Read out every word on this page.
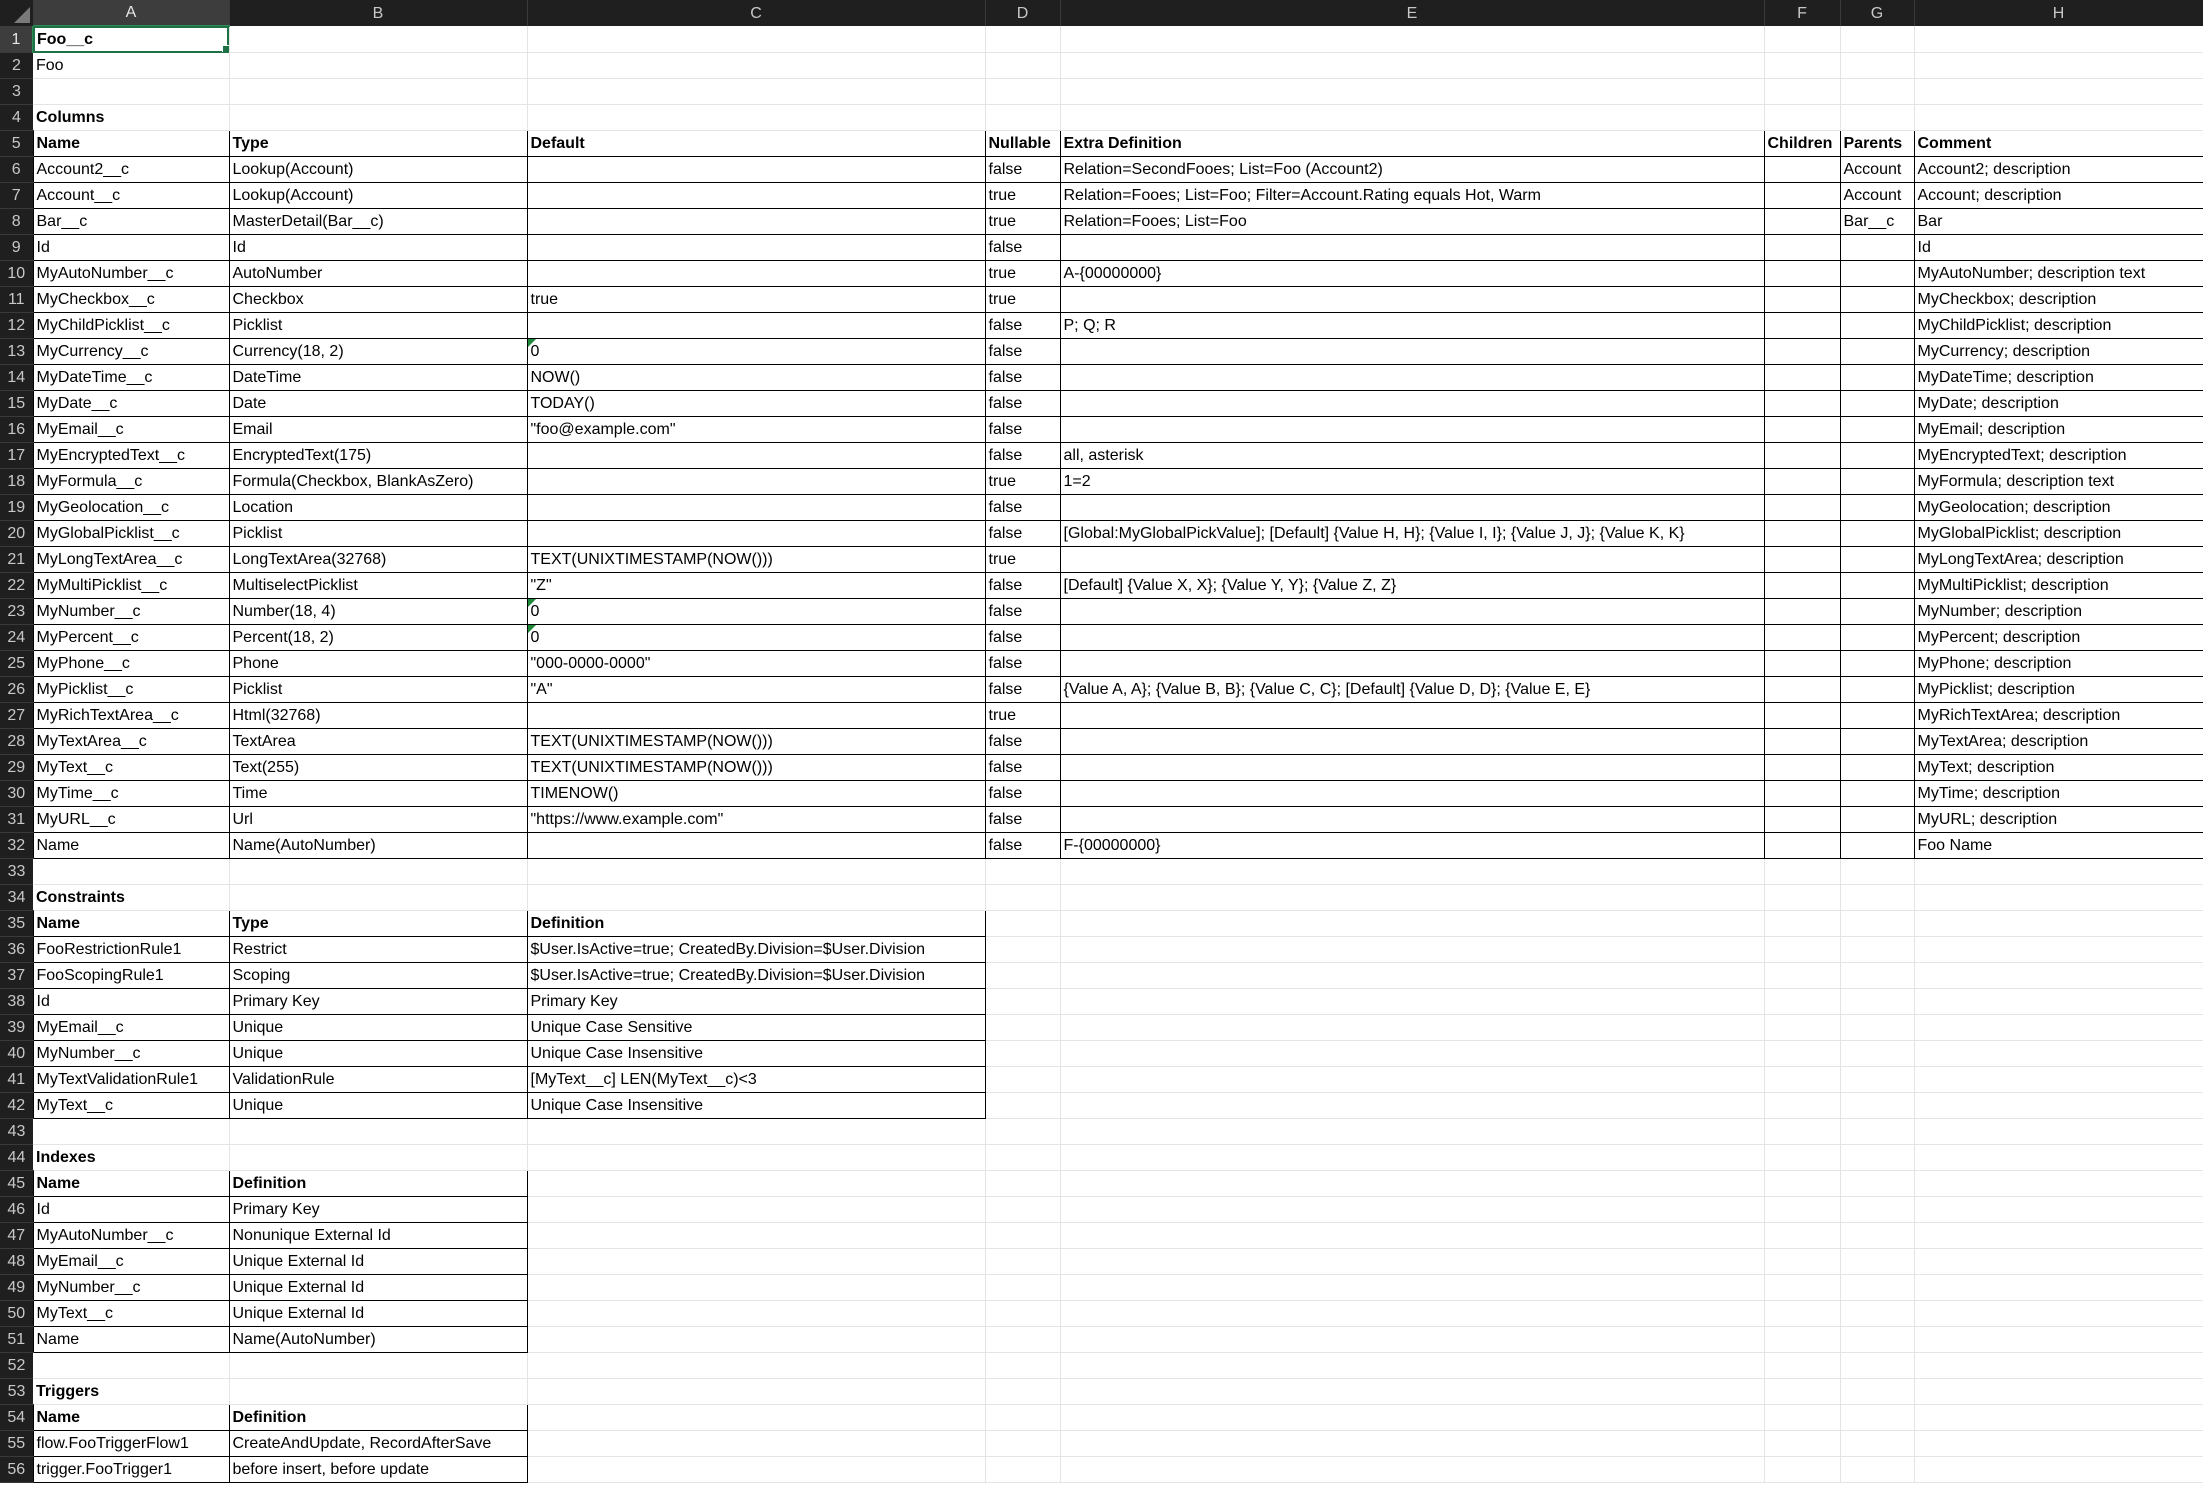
	A	B	C	D	E	F	G	H
1	Foo__c

2	Foo							
3								
4	Columns							
5	Name	Type	Default	Nullable	Extra Definition	Children	Parents	Comment
6	Account2__c	Lookup(Account)		false	Relation=SecondFooes; List=Foo (Account2)		Account	Account2; description
7	Account__c	Lookup(Account)		true	Relation=Fooes; List=Foo; Filter=Account.Rating equals Hot, Warm		Account	Account; description
8	Bar__c	MasterDetail(Bar__c)		true	Relation=Fooes; List=Foo		Bar__c	Bar
9	Id	Id		false				Id
10	MyAutoNumber__c	AutoNumber		true	A-{00000000}			MyAutoNumber; description text
11	MyCheckbox__c	Checkbox	true	true				MyCheckbox; description
12	MyChildPicklist__c	Picklist		false	P; Q; R			MyChildPicklist; description
13	MyCurrency__c	Currency(18, 2)	0	false				MyCurrency; description
14	MyDateTime__c	DateTime	NOW()	false				MyDateTime; description
15	MyDate__c	Date	TODAY()	false				MyDate; description
16	MyEmail__c	Email	"foo@example.com"	false				MyEmail; description
17	MyEncryptedText__c	EncryptedText(175)		false	all, asterisk			MyEncryptedText; description
18	MyFormula__c	Formula(Checkbox, BlankAsZero)		true	1=2			MyFormula; description text
19	MyGeolocation__c	Location		false				MyGeolocation; description
20	MyGlobalPicklist__c	Picklist		false	[Global:MyGlobalPickValue]; [Default] {Value H, H}; {Value I, I}; {Value J, J}; {Value K, K}			MyGlobalPicklist; description
21	MyLongTextArea__c	LongTextArea(32768)	TEXT(UNIXTIMESTAMP(NOW()))	true				MyLongTextArea; description
22	MyMultiPicklist__c	MultiselectPicklist	"Z"	false	[Default] {Value X, X}; {Value Y, Y}; {Value Z, Z}			MyMultiPicklist; description
23	MyNumber__c	Number(18, 4)	0	false				MyNumber; description
24	MyPercent__c	Percent(18, 2)	0	false				MyPercent; description
25	MyPhone__c	Phone	"000-0000-0000"	false				MyPhone; description
26	MyPicklist__c	Picklist	"A"	false	{Value A, A}; {Value B, B}; {Value C, C}; [Default] {Value D, D}; {Value E, E}			MyPicklist; description
27	MyRichTextArea__c	Html(32768)		true				MyRichTextArea; description
28	MyTextArea__c	TextArea	TEXT(UNIXTIMESTAMP(NOW()))	false				MyTextArea; description
29	MyText__c	Text(255)	TEXT(UNIXTIMESTAMP(NOW()))	false				MyText; description
30	MyTime__c	Time	TIMENOW()	false				MyTime; description
31	MyURL__c	Url	"https://www.example.com"	false				MyURL; description
32	Name	Name(AutoNumber)		false	F-{00000000}			Foo Name
33								
34	Constraints							
35	Name	Type	Definition					
36	FooRestrictionRule1	Restrict	$User.IsActive=true; CreatedBy.Division=$User.Division					
37	FooScopingRule1	Scoping	$User.IsActive=true; CreatedBy.Division=$User.Division					
38	Id	Primary Key	Primary Key					
39	MyEmail__c	Unique	Unique Case Sensitive					
40	MyNumber__c	Unique	Unique Case Insensitive					
41	MyTextValidationRule1	ValidationRule	[MyText__c] LEN(MyText__c)<3					
42	MyText__c	Unique	Unique Case Insensitive					
43								
44	Indexes							
45	Name	Definition						
46	Id	Primary Key						
47	MyAutoNumber__c	Nonunique External Id						
48	MyEmail__c	Unique External Id						
49	MyNumber__c	Unique External Id						
50	MyText__c	Unique External Id						
51	Name	Name(AutoNumber)						
52								
53	Triggers							
54	Name	Definition						
55	flow.FooTriggerFlow1	CreateAndUpdate, RecordAfterSave						
56	trigger.FooTrigger1	before insert, before update						
